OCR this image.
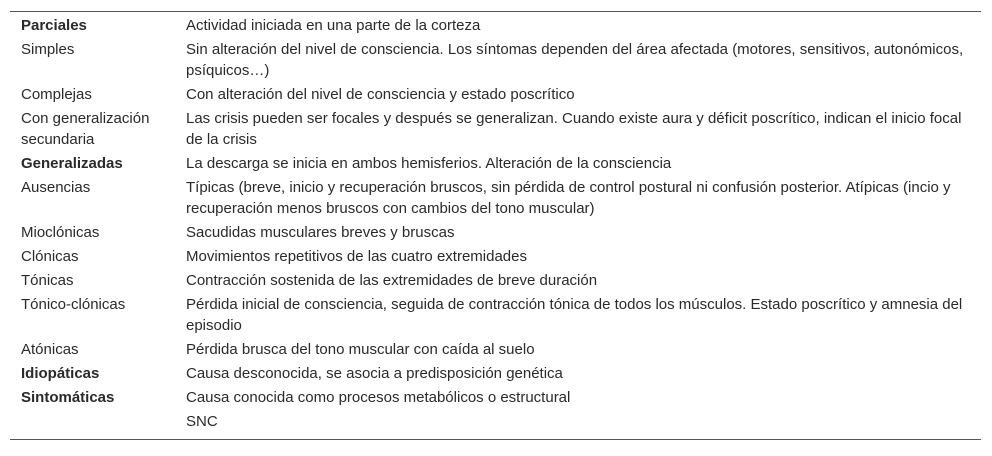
Parciales	Actividad iniciada en una parte de la corteza
Simples	Sin alteración del nivel de consciencia. Los síntomas dependen del área afectada (motores, sensitivos, autonómicos, psíquicos…)
Complejas	Con alteración del nivel de consciencia y estado poscrítico
Con generalización secundaria	Las crisis pueden ser focales y después se generalizan. Cuando existe aura y déficit poscrítico, indican el inicio focal de la crisis
Generalizadas	La descarga se inicia en ambos hemisferios. Alteración de la consciencia
Ausencias	Típicas (breve, inicio y recuperación bruscos, sin pérdida de control postural ni confusión posterior. Atípicas (incio y recuperación menos bruscos con cambios del tono muscular)
Mioclónicas	Sacudidas musculares breves y bruscas
Clónicas	Movimientos repetitivos de las cuatro extremidades
Tónicas	Contracción sostenida de las extremidades de breve duración
Tónico-clónicas	Pérdida inicial de consciencia, seguida de contracción tónica de todos los músculos. Estado poscrítico y amnesia del episodio
Atónicas	Pérdida brusca del tono muscular con caída al suelo
Idiopáticas	Causa desconocida, se asocia a predisposición genética
Sintomáticas	Causa conocida como procesos metabólicos o estructural
	SNC
